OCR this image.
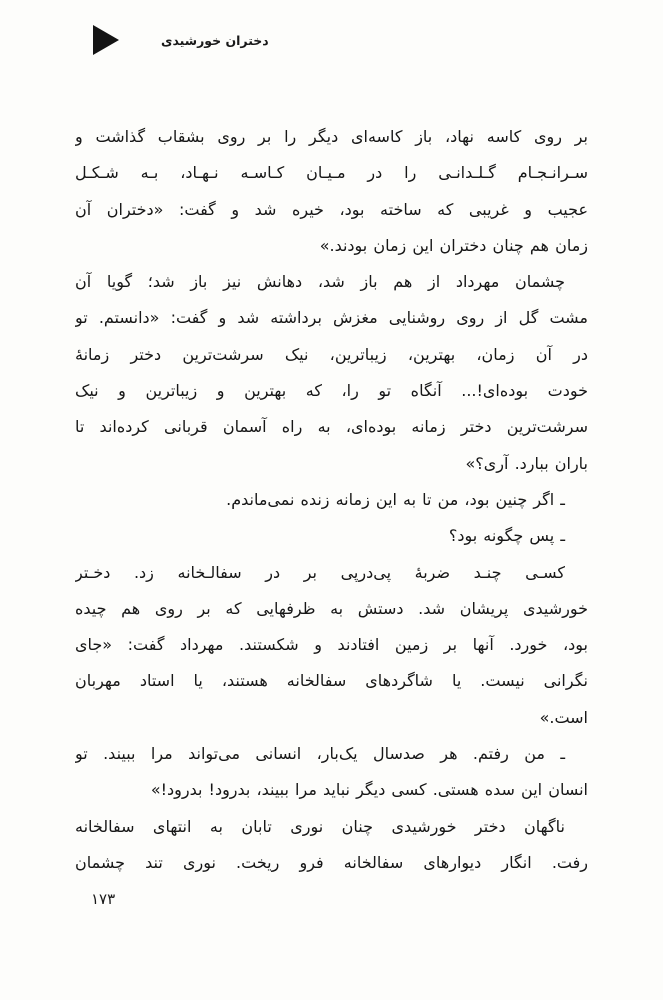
دختران خورشیدی
بر روی کاسه نهاد، باز کاسه‌ای دیگر را بر روی بشقاب گذاشت و
سـرانـجـام گـلـدانـی را در مـیـان کـاسـه نـهـاد، بـه شـکـل
عجیب و غریبی که ساخته بود، خیره شد و گفت: «دختران آن
زمان هم چنان دختران این زمان بودند.»
چشمان مهرداد از هم باز شد، دهانش نیز باز شد؛ گویا آن
مشت گل از روی روشنایی مغزش برداشته شد و گفت: «دانستم. تو
در آن زمان، بهترین، زیباترین، نیک سرشت‌ترین دختر زمانهٔ
خودت بوده‌ای!... آنگاه تو را، که بهترین و زیباترین و نیک
سرشت‌ترین دختر زمانه بوده‌ای، به راه آسمان قربانی کرده‌اند تا
باران ببارد. آری؟»
ـ اگر چنین بود، من تا به این زمانه زنده نمی‌ماندم.
ـ پس چگونه بود؟
کسـی چنـد ضربهٔ پی‌درپی بر در سفالـخانه زد. دخـتر
خورشیدی پریشان شد. دستش به ظرفهایی که بر روی هم چیده
بود، خورد. آنها بر زمین افتادند و شکستند. مهرداد گفت: «جای
نگرانی نیست. یا شاگردهای سفالخانه هستند، یا استاد مهربان
است.»
ـ من رفتم. هر صدسال یک‌بار، انسانی می‌تواند مرا ببیند. تو
انسان این سده هستی. کسی دیگر نباید مرا ببیند، بدرود! بدرود!»
ناگهان دختر خورشیدی چنان نوری تابان به انتهای سفالخانه
رفت. انگار دیوارهای سفالخانه فرو ریخت. نوری تند چشمان
۱۷۳
